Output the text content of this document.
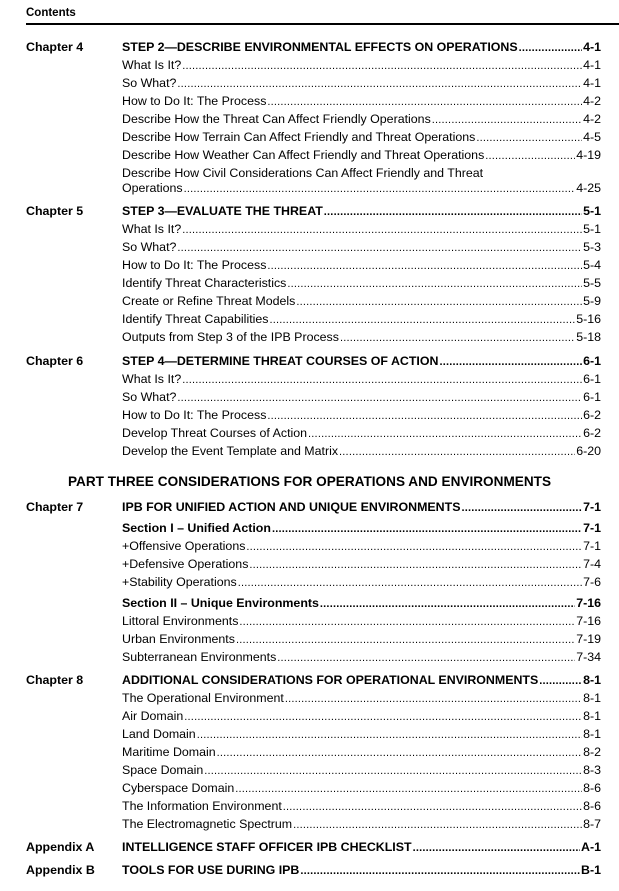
Contents
Chapter 4	STEP 2—DESCRIBE ENVIRONMENTAL EFFECTS ON OPERATIONS .....	4-1
What Is It? .....	4-1
So What? .....	4-1
How to Do It: The Process .....	4-2
Describe How the Threat Can Affect Friendly Operations .....	4-2
Describe How Terrain Can Affect Friendly and Threat Operations .....	4-5
Describe How Weather Can Affect Friendly and Threat Operations .....	4-19
Describe How Civil Considerations Can Affect Friendly and Threat
Operations .....	4-25
Chapter 5	STEP 3—EVALUATE THE THREAT .....	5-1
What Is It? .....	5-1
So What? .....	5-3
How to Do It: The Process .....	5-4
Identify Threat Characteristics .....	5-5
Create or Refine Threat Models .....	5-9
Identify Threat Capabilities .....	5-16
Outputs from Step 3 of the IPB Process .....	5-18
Chapter 6	STEP 4—DETERMINE THREAT COURSES OF ACTION .....	6-1
What Is It? .....	6-1
So What? .....	6-1
How to Do It: The Process .....	6-2
Develop Threat Courses of Action .....	6-2
Develop the Event Template and Matrix .....	6-20
Chapter 7	IPB FOR UNIFIED ACTION AND UNIQUE ENVIRONMENTS .....	7-1
Section I – Unified Action .....	7-1
+Offensive Operations .....	7-1
+Defensive Operations .....	7-4
+Stability Operations .....	7-6
Section II – Unique Environments .....	7-16
Littoral Environments .....	7-16
Urban Environments .....	7-19
Subterranean Environments .....	7-34
Chapter 8	ADDITIONAL CONSIDERATIONS FOR OPERATIONAL ENVIRONMENTS .....	8-1
The Operational Environment .....	8-1
Air Domain .....	8-1
Land Domain .....	8-1
Maritime Domain .....	8-2
Space Domain .....	8-3
Cyberspace Domain .....	8-6
The Information Environment .....	8-6
The Electromagnetic Spectrum .....	8-7
Appendix A INTELLIGENCE STAFF OFFICER IPB CHECKLIST .....	A-1
Appendix B TOOLS FOR USE DURING IPB .....	B-1
PART THREE CONSIDERATIONS FOR OPERATIONS AND ENVIRONMENTS
